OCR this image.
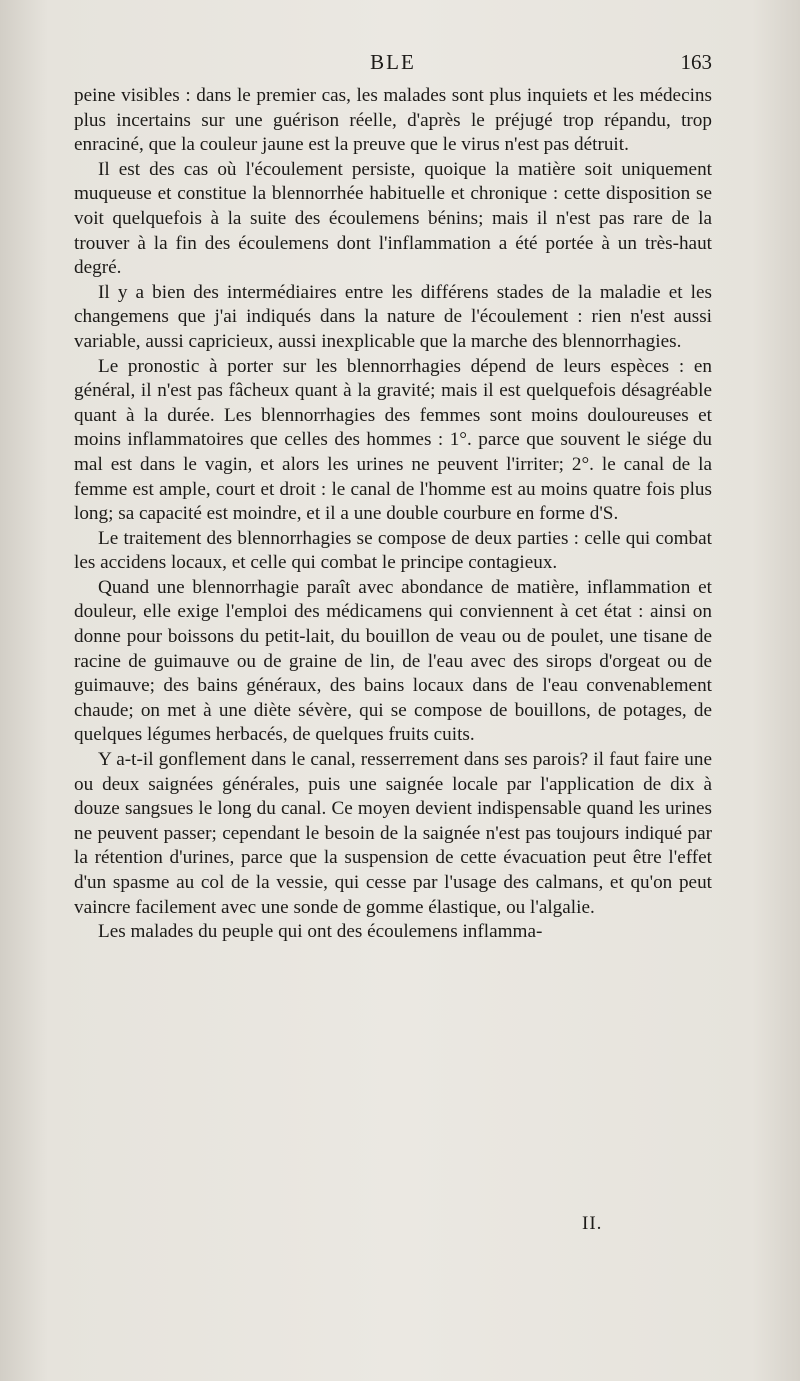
BLE	163

peine visibles : dans le premier cas, les malades sont plus inquiets et les médecins plus incertains sur une guérison réelle, d'après le préjugé trop répandu, trop enraciné, que la couleur jaune est la preuve que le virus n'est pas détruit.

Il est des cas où l'écoulement persiste, quoique la matière soit uniquement muqueuse et constitue la blennorrhée habituelle et chronique : cette disposition se voit quelquefois à la suite des écoulemens bénins; mais il n'est pas rare de la trouver à la fin des écoulemens dont l'inflammation a été portée à un très-haut degré.

Il y a bien des intermédiaires entre les différens stades de la maladie et les changemens que j'ai indiqués dans la nature de l'écoulement : rien n'est aussi variable, aussi capricieux, aussi inexplicable que la marche des blennorrhagies.

Le pronostic à porter sur les blennorrhagies dépend de leurs espèces : en général, il n'est pas fâcheux quant à la gravité; mais il est quelquefois désagréable quant à la durée. Les blennorrhagies des femmes sont moins douloureuses et moins inflammatoires que celles des hommes : 1°. parce que souvent le siége du mal est dans le vagin, et alors les urines ne peuvent l'irriter; 2°. le canal de la femme est ample, court et droit : le canal de l'homme est au moins quatre fois plus long; sa capacité est moindre, et il a une double courbure en forme d'S.

Le traitement des blennorrhagies se compose de deux parties : celle qui combat les accidens locaux, et celle qui combat le principe contagieux.

Quand une blennorrhagie paraît avec abondance de matière, inflammation et douleur, elle exige l'emploi des médicamens qui conviennent à cet état : ainsi on donne pour boissons du petit-lait, du bouillon de veau ou de poulet, une tisane de racine de guimauve ou de graine de lin, de l'eau avec des sirops d'orgeat ou de guimauve; des bains généraux, des bains locaux dans de l'eau convenablement chaude; on met à une diète sévère, qui se compose de bouillons, de potages, de quelques légumes herbacés, de quelques fruits cuits.

Y a-t-il gonflement dans le canal, resserrement dans ses parois? il faut faire une ou deux saignées générales, puis une saignée locale par l'application de dix à douze sangsues le long du canal. Ce moyen devient indispensable quand les urines ne peuvent passer; cependant le besoin de la saignée n'est pas toujours indiqué par la rétention d'urines, parce que la suspension de cette évacuation peut être l'effet d'un spasme au col de la vessie, qui cesse par l'usage des calmans, et qu'on peut vaincre facilement avec une sonde de gomme élastique, ou l'algalie.

Les malades du peuple qui ont des écoulemens inflamma-

II.
